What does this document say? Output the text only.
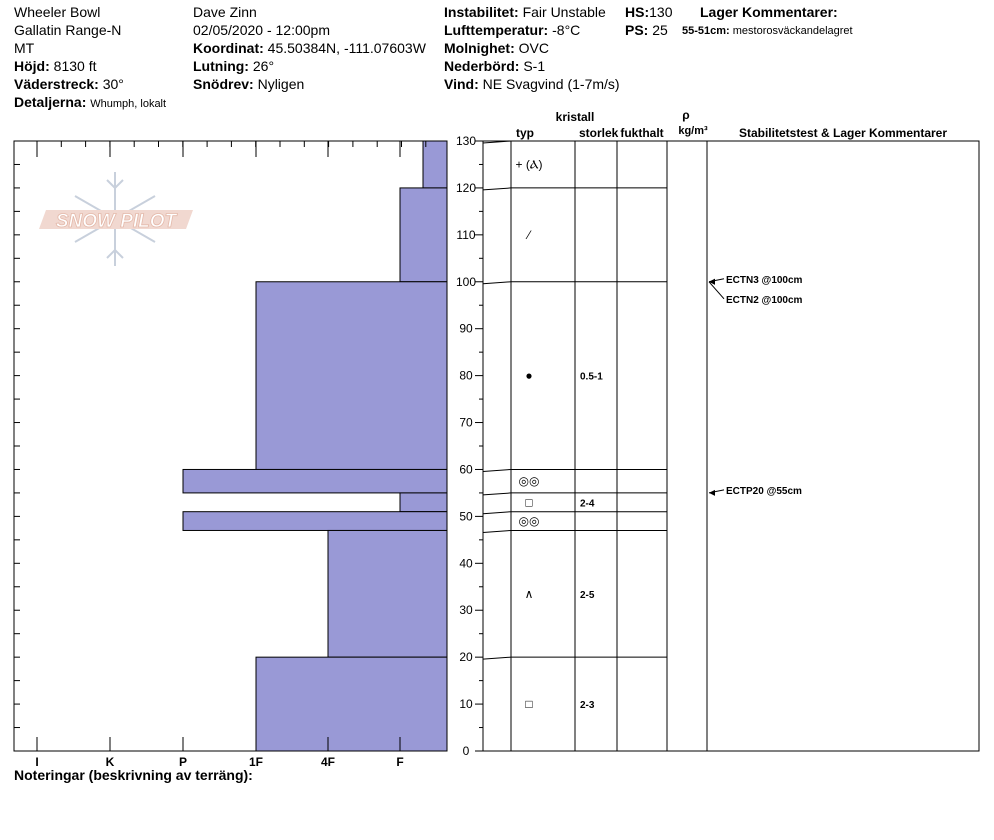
Wheeler Bowl
Gallatin Range-N
MT
Höjd: 8130 ft
Väderstreck: 30°
Detaljerna: Whumph, lokalt
Dave Zinn
02/05/2020 - 12:00pm
Koordinat: 45.50384N, -111.07603W
Lutning: 26°
Snödrev: Nyligen
Instabilitet: Fair Unstable
Lufttemperatur: -8°C
Molnighet: OVC
Nederbörd: S-1
Vind: NE Svagvind (1-7m/s)
HS:130
PS: 25
Lager Kommentarer:
55-51cm: mestorosväckandelagret
SNOW PILOT
I	K	P	1F	4F	F
0
10
20
30
40
50
60
70
80
90
100
110
120
130
+ (Ⲁ)
⁄
●	0.5-1
◎◎
□	2-4
◎◎
∧	2-5
□	2-3
ECTN3 @100cm
ECTN2 @100cm
ECTP20 @55cm
kristall
typ	storlek fukthalt
ρ
kg/m³	Stabilitetstest & Lager Kommentarer
Noteringar (beskrivning av terräng):
